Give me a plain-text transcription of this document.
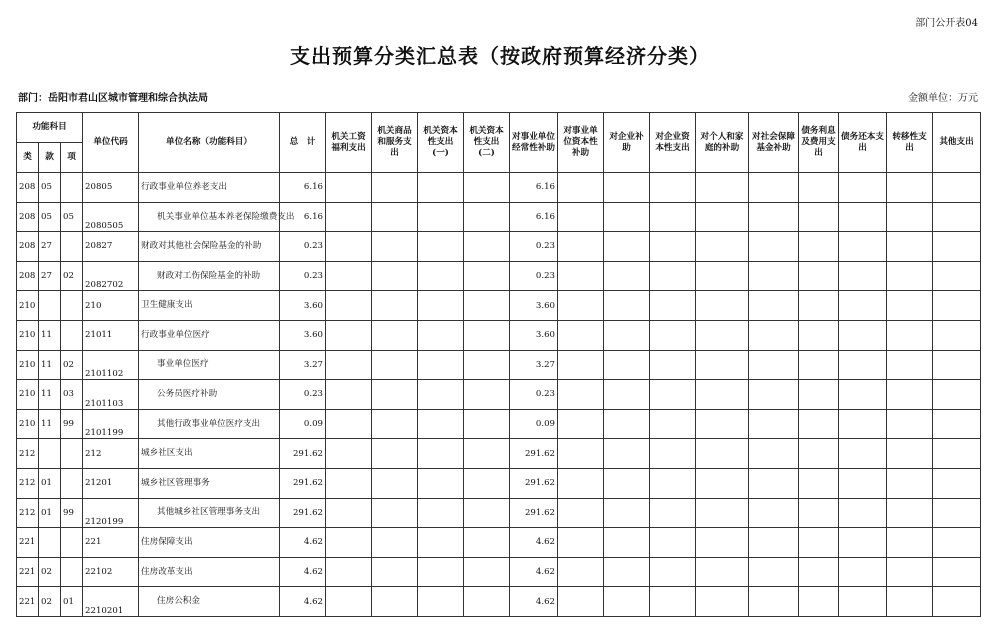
部门公开表04
支出预算分类汇总表（按政府预算经济分类）
部门：岳阳市君山区城市管理和综合执法局	金额单位：万元
功能科目			单位代码	单位名称（功能科目）	总　计	机关工资福利支出	机关商品和服务支出	机关资本性支出(一)	机关资本性支出(二)	对事业单位经常性补助	对事业单位资本性补助	对企业补助	对企业资本性支出	对个人和家庭的补助	对社会保障基金补助	债务利息及费用支出	债务还本支出	转移性支出	其他支出
类	款	项																	
208	05		20805	行政事业单位养老支出	6.16					6.16									
208	05	05	2080505	机关事业单位基本养老保险缴费支出	6.16					6.16									
208	27		20827	财政对其他社会保险基金的补助	0.23					0.23									
208	27	02	2082702	财政对工伤保险基金的补助	0.23					0.23									
210			210	卫生健康支出	3.60					3.60									
210	11		21011	行政事业单位医疗	3.60					3.60									
210	11	02	2101102	事业单位医疗	3.27					3.27									
210	11	03	2101103	公务员医疗补助	0.23					0.23									
210	11	99	2101199	其他行政事业单位医疗支出	0.09					0.09									
212			212	城乡社区支出	291.62					291.62									
212	01		21201	城乡社区管理事务	291.62					291.62									
212	01	99	2120199	其他城乡社区管理事务支出	291.62					291.62									
221			221	住房保障支出	4.62					4.62									
221	02		22102	住房改革支出	4.62					4.62									
221	02	01	2210201	住房公积金	4.62					4.62									
